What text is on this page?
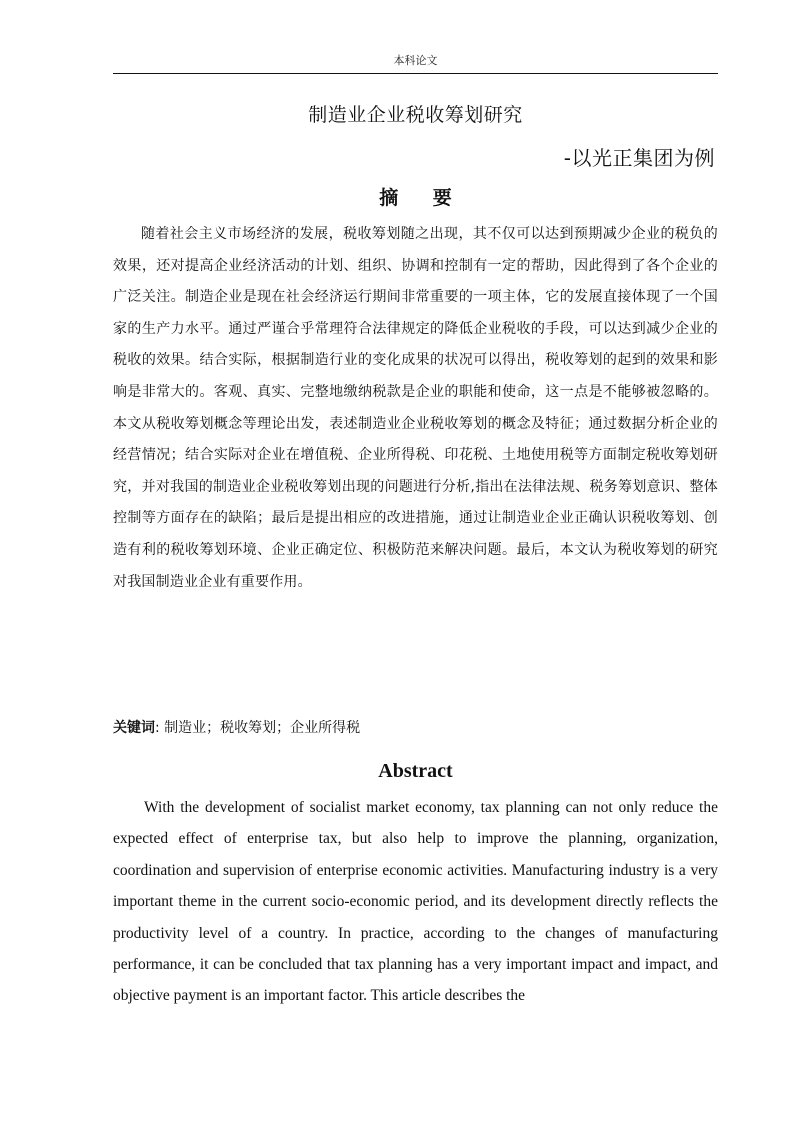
本科论文
制造业企业税收筹划研究
-以光正集团为例
摘 要

随着社会主义市场经济的发展，税收筹划随之出现，其不仅可以达到预期减少企业的税负的效果，还对提高企业经济活动的计划、组织、协调和控制有一定的帮助，因此得到了各个企业的广泛关注。制造企业是现在社会经济运行期间非常重要的一项主体，它的发展直接体现了一个国家的生产力水平。通过严谨合乎常理符合法律规定的降低企业税收的手段，可以达到减少企业的税收的效果。结合实际，根据制造行业的变化成果的状况可以得出，税收筹划的起到的效果和影响是非常大的。客观、真实、完整地缴纳税款是企业的职能和使命，这一点是不能够被忽略的。本文从税收筹划概念等理论出发，表述制造业企业税收筹划的概念及特征；通过数据分析企业的经营情况；结合实际对企业在增值税、企业所得税、印花税、土地使用税等方面制定税收筹划研究，并对我国的制造业企业税收筹划出现的问题进行分析,指出在法律法规、税务筹划意识、整体控制等方面存在的缺陷；最后是提出相应的改进措施，通过让制造业企业正确认识税收筹划、创造有利的税收筹划环境、企业正确定位、积极防范来解决问题。最后，本文认为税收筹划的研究对我国制造业企业有重要作用。

关键词: 制造业；税收筹划；企业所得税
Abstract

With the development of socialist market economy, tax planning can not only reduce the expected effect of enterprise tax, but also help to improve the planning, organization, coordination and supervision of enterprise economic activities. Manufacturing industry is a very important theme in the current socio-economic period, and its development directly reflects the productivity level of a country. In practice, according to the changes of manufacturing performance, it can be concluded that tax planning has a very important impact and impact, and objective payment is an important factor. This article describes the
